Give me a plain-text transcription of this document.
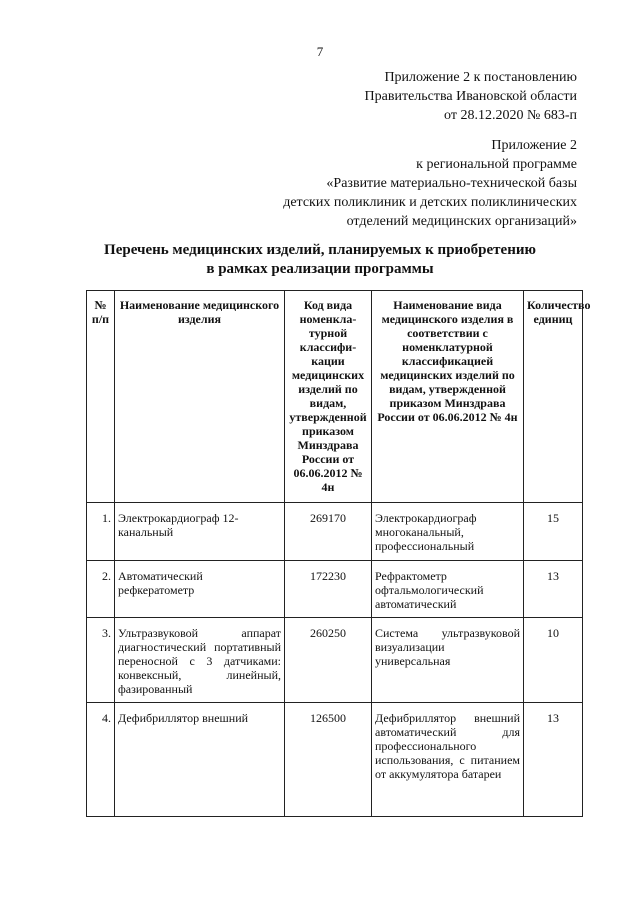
7
Приложение 2 к постановлению
Правительства Ивановской области
от 28.12.2020 № 683-п
Приложение 2
к региональной программе
«Развитие материально-технической базы
детских поликлиник и детских поликлинических
отделений медицинских организаций»
Перечень медицинских изделий, планируемых к приобретению
в рамках реализации программы
№ п/п	Наименование медицинского изделия	Код вида номенкла-турной классифи-кации медицинских изделий по видам, утвержденной приказом Минздрава России от 06.06.2012 № 4н	Наименование вида медицинского изделия в соответствии с номенклатурной классификацией медицинских изделий по видам, утвержденной приказом Минздрава России от 06.06.2012 № 4н	Количество единиц
1.	Электрокардиограф 12-канальный	269170	Электрокардиограф многоканальный, профессиональный	15
2.	Автоматический рефкератометр	172230	Рефрактометр офтальмологический автоматический	13
3.	Ультразвуковой аппарат диагностический портативный переносной с 3 датчиками: конвексный, линейный, фазированный	260250	Система ультразвуковой визуализации универсальная	10
4.	Дефибриллятор внешний	126500	Дефибриллятор внешний автоматический для профессионального использования, с питанием от аккумулятора батареи	13
